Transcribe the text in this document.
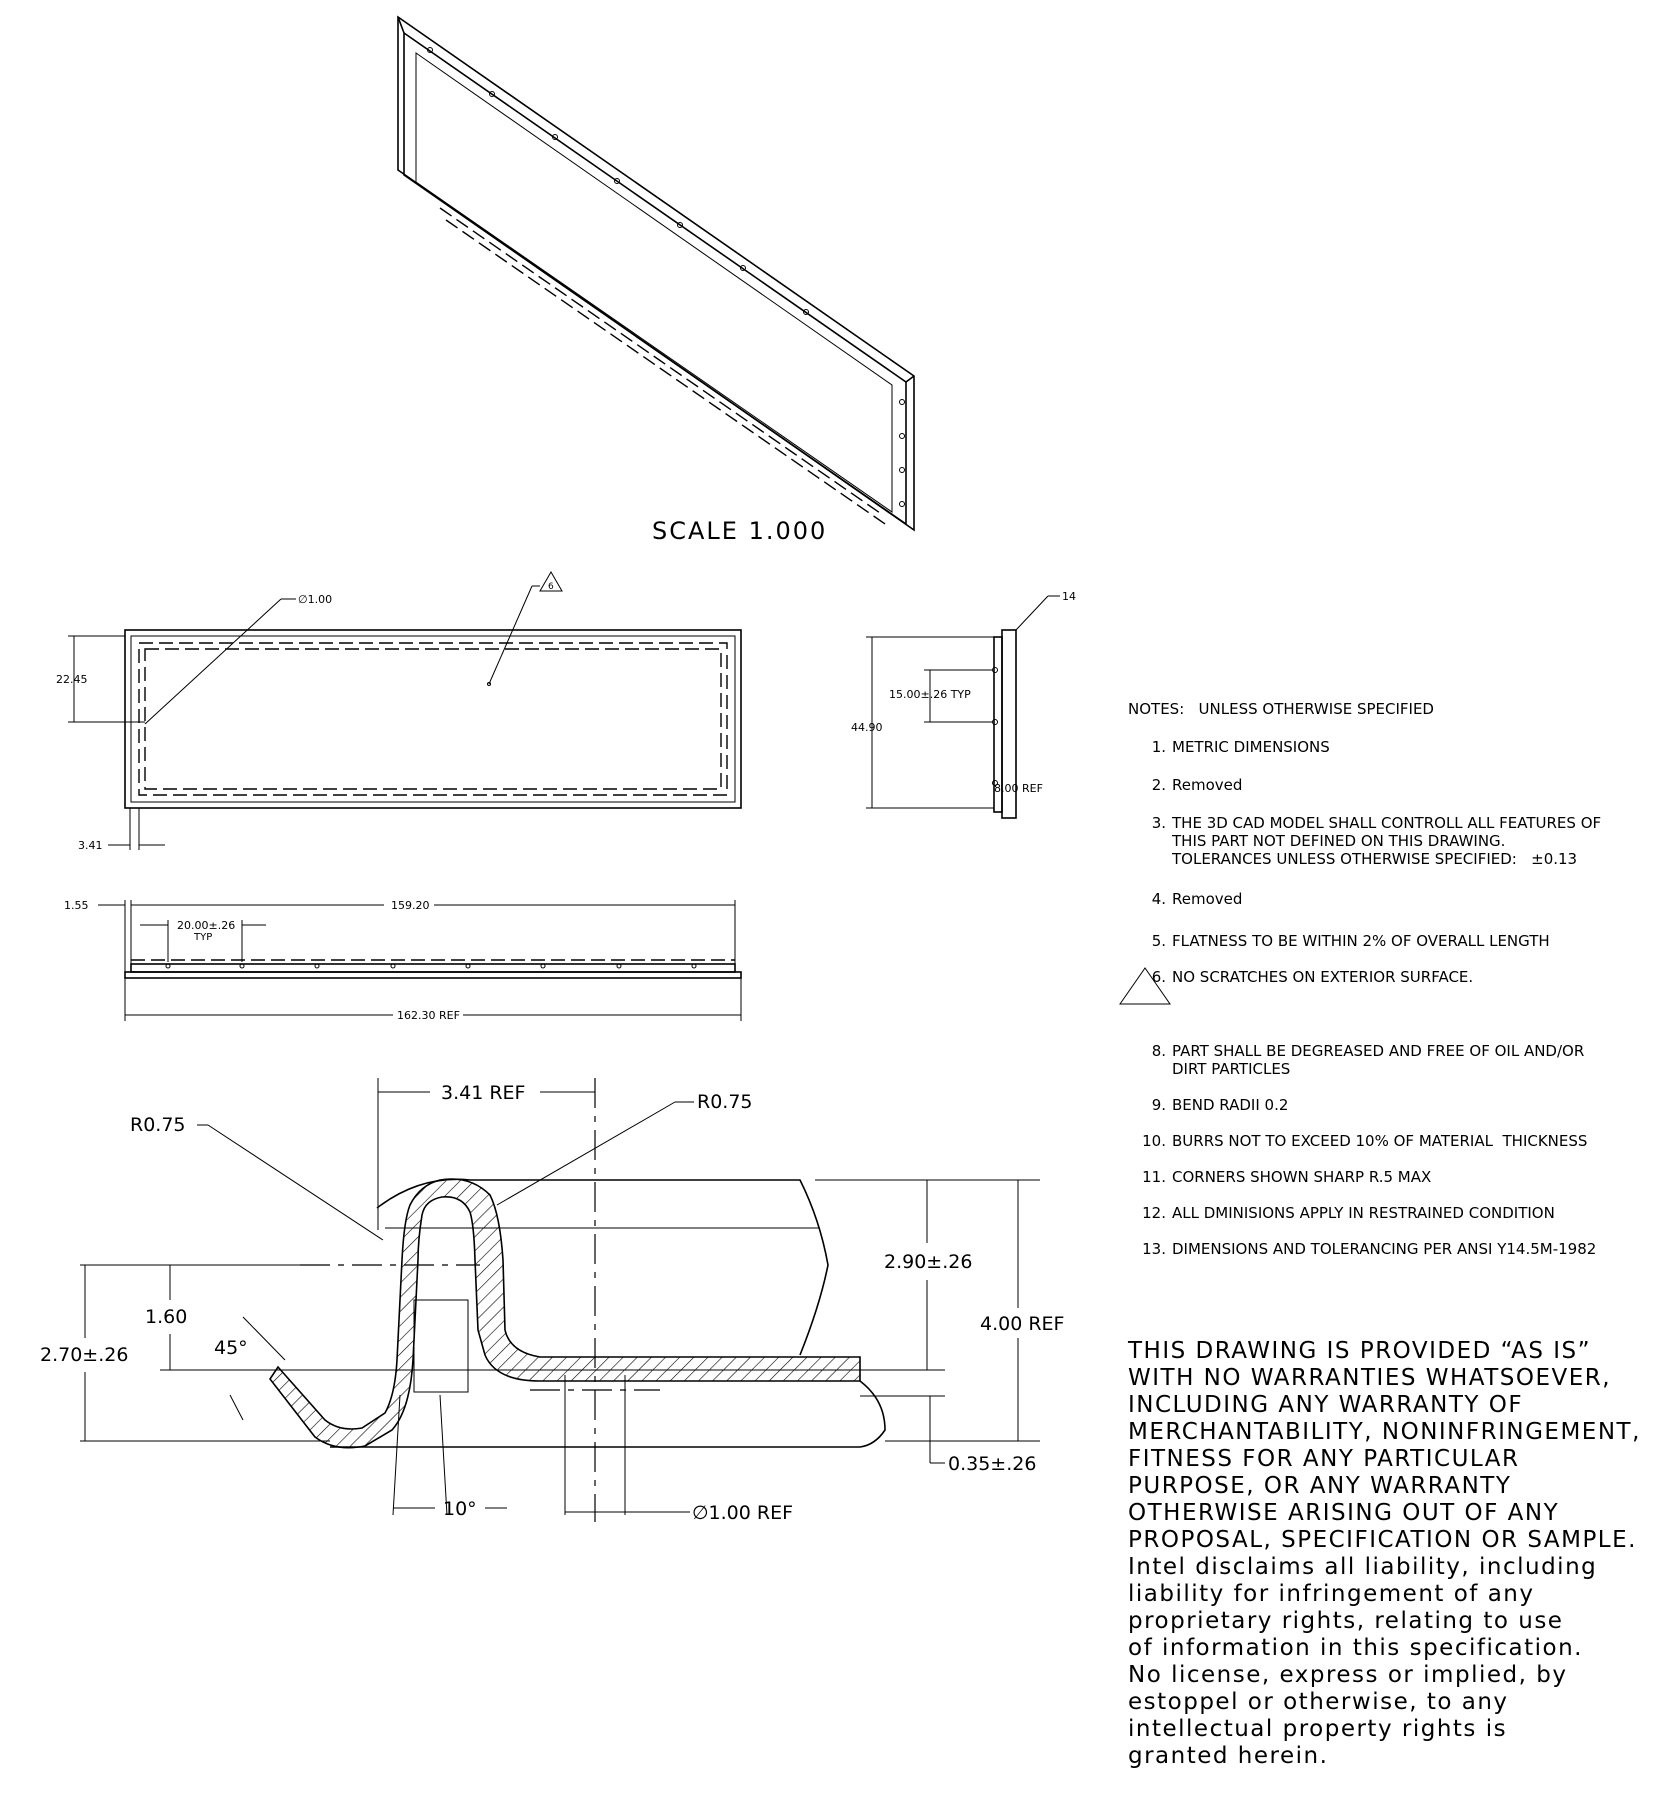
SCALE 1.000
∅1.00
6
22.45
3.41
14
44.90
15.00±.26 TYP
8.00 REF
1.55	159.20
20.00±.26
TYP
162.30 REF
3.41 REF
R0.75
R0.75
1.60
2.70±.26	45°
2.90±.26
4.00 REF
0.35±.26
10°	∅1.00 REF
NOTES:   UNLESS OTHERWISE SPECIFIED
1. METRIC DIMENSIONS
2. Removed
3. THE 3D CAD MODEL SHALL CONTROLL ALL FEATURES OF
THIS PART NOT DEFINED ON THIS DRAWING.
TOLERANCES UNLESS OTHERWISE SPECIFIED:   ±0.13
4. Removed
5. FLATNESS TO BE WITHIN 2% OF OVERALL LENGTH
6. NO SCRATCHES ON EXTERIOR SURFACE.
8. PART SHALL BE DEGREASED AND FREE OF OIL AND/OR
DIRT PARTICLES
9. BEND RADII 0.2
10. BURRS NOT TO EXCEED 10% OF MATERIAL  THICKNESS
11. CORNERS SHOWN SHARP R.5 MAX
12. ALL DMINISIONS APPLY IN RESTRAINED CONDITION
13. DIMENSIONS AND TOLERANCING PER ANSI Y14.5M-1982
THIS DRAWING IS PROVIDED “AS IS”
WITH NO WARRANTIES WHATSOEVER,
INCLUDING ANY WARRANTY OF
MERCHANTABILITY, NONINFRINGEMENT,
FITNESS FOR ANY PARTICULAR
PURPOSE, OR ANY WARRANTY
OTHERWISE ARISING OUT OF ANY
PROPOSAL, SPECIFICATION OR SAMPLE.
Intel disclaims all liability, including
liability for infringement of any
proprietary rights, relating to use
of information in this specification.
No license, express or implied, by
estoppel or otherwise, to any
intellectual property rights is
granted herein.
